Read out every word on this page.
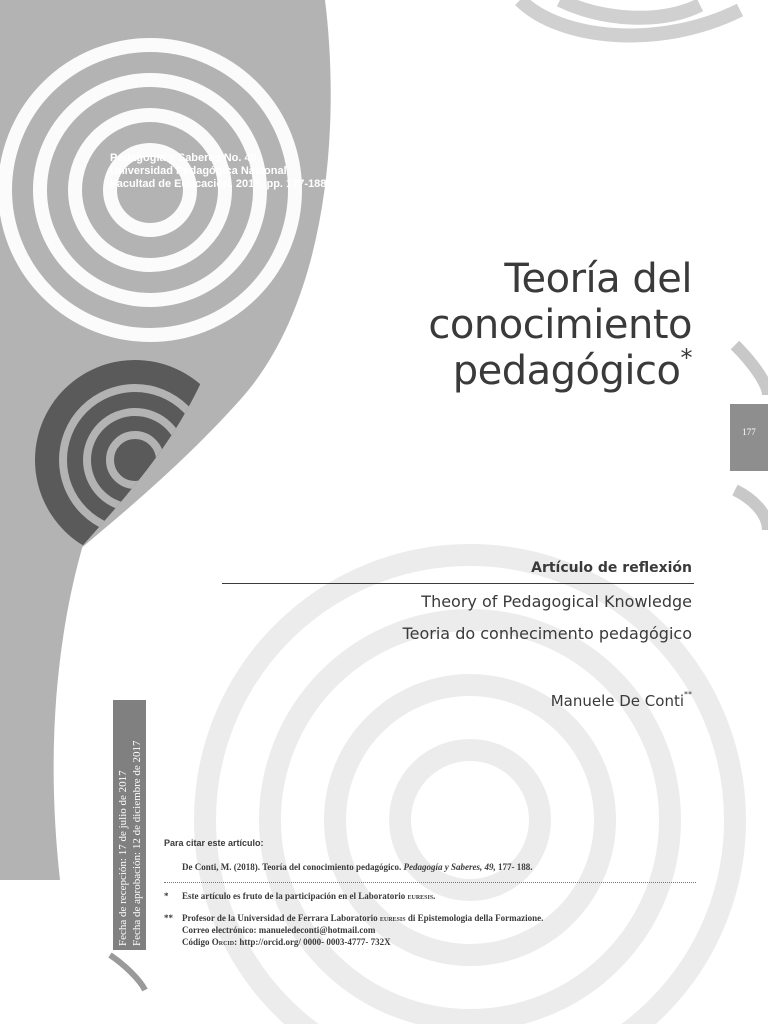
Pedagogía y Saberes No. 49
Universidad Pedagógica Nacional
Facultad de Educación. 2018, pp. 177-188
Teoría del
conocimiento
pedagógico*
177
Artículo de reflexión
Theory of Pedagogical Knowledge
Teoria do conhecimento pedagógico
Manuele De Conti**
Fecha de recepción: 17 de julio de 2017 Fecha de aprobación: 12 de diciembre de 2017 Para citar este artículo:
De Conti, M. (2018). Teoría del conocimiento pedagógico. Pedagogía y Saberes, 49, 177- 188.
* Este artículo es fruto de la participación en el Laboratorio euresis.
** Profesor de la Universidad de Ferrara Laboratorio euresis di Epistemologia della Formazione.
Correo electrónico: manueledeconti@hotmail.com
Código Orcid: http://orcid.org/ 0000- 0003-4777- 732X
